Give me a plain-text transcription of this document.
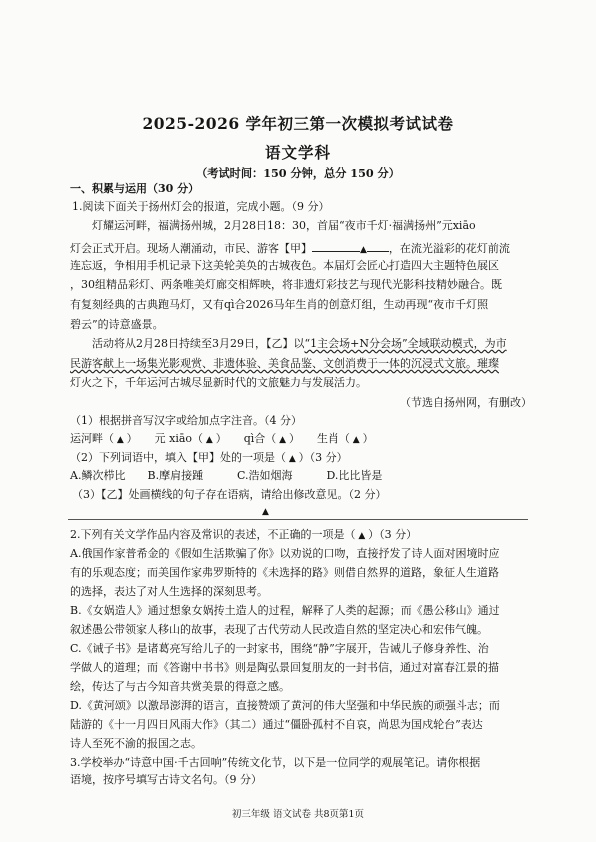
2025-2026 学年初三第一次模拟考试试卷
语文学科
（考试时间：150 分钟，总分 150 分）
一、积累与运用（30 分）
1.阅读下面关于扬州灯会的报道，完成小题。（9 分）
灯耀运河畔，福满扬州城，2月28日18：30，首届“夜市千灯·福满扬州”元xiāo
灯会正式开启。现场人潮涌动，市民、游客【甲】	▲ ，在流光溢彩的花灯前流
连忘返，争相用手机记录下这美轮美奂的古城夜色。本届灯会匠心打造四大主题特色展区
，30组精品彩灯、两条唯美灯廊交相辉映，将非遗灯彩技艺与现代光影科技精妙融合。既
有复刻经典的古典跑马灯，又有qì合2026马年生肖的创意灯组，生动再现“夜市千灯照
碧云”的诗意盛景。
活动将从2月28日持续至3月29日，【乙】以“1主会场+N分会场”全域联动模式，为市
民游客献上一场集光影观赏、非遗体验、美食品鉴、文创消费于一体的沉浸式文旅。璀璨
灯火之下，千年运河古城尽显新时代的文旅魅力与发展活力。
（节选自扬州网，有删改）
（1）根据拼音写汉字或给加点字注音。（4 分）
运河畔（ ▲ ） 元 xiāo（ ▲ ） qì合（ ▲ ） 生肖（ ▲ ）
（2）下列词语中，填入【甲】处的一项是（ ▲ ）（3 分）
A.鳞次栉比 B.摩肩接踵	C.浩如烟海	D.比比皆是
（3）【乙】处画横线的句子存在语病，请给出修改意见。（2 分）
▲
2.下列有关文学作品内容及常识的表述，不正确的一项是（ ▲ ）（3 分）
A.俄国作家普希金的《假如生活欺骗了你》以劝说的口吻，直接抒发了诗人面对困境时应
有的乐观态度；而美国作家弗罗斯特的《未选择的路》则借自然界的道路，象征人生道路
的选择，表达了对人生选择的深刻思考。
B.《女娲造人》通过想象女娲抟土造人的过程，解释了人类的起源；而《愚公移山》通过
叙述愚公带领家人移山的故事，表现了古代劳动人民改造自然的坚定决心和宏伟气魄。
C.《诫子书》是诸葛亮写给儿子的一封家书，围绕“静”字展开，告诫儿子修身养性、治
学做人的道理；而《答谢中书书》则是陶弘景回复朋友的一封书信，通过对富春江景的描
绘，传达了与古今知音共赏美景的得意之感。
D.《黄河颂》以激昂澎湃的语言，直接赞颂了黄河的伟大坚强和中华民族的顽强斗志；而
陆游的《十一月四日风雨大作》（其二）通过“僵卧孤村不自哀，尚思为国戍轮台”表达
诗人至死不渝的报国之志。
3.学校举办“诗意中国·千古回响”传统文化节，以下是一位同学的观展笔记。请你根据
语境，按序号填写古诗文名句。（9 分）
初三年级 语文试卷 共8页第1页
